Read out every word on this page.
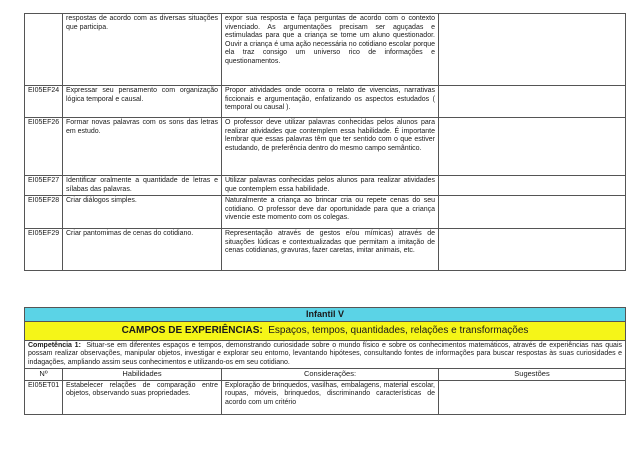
	respostas de acordo com as diversas situações que participa.	expor sua resposta e faça perguntas de acordo com o contexto vivenciado. As argumentações precisam ser aguçadas e estimuladas para que a criança se torne um aluno questionador. Ouvir a criança é uma ação necessária no cotidiano escolar porque ela traz consigo um universo rico de informações e questionamentos.	
EI05EF24	Expressar seu pensamento com organização lógica temporal e causal.	Propor atividades onde ocorra o relato de vivencias, narrativas ficcionais e argumentação, enfatizando os aspectos estudados ( temporal ou causal ).	
EI05EF26	Formar novas palavras com os sons das letras em estudo.	O professor deve utilizar palavras conhecidas pelos alunos para realizar atividades que contemplem essa habilidade. É importante lembrar que essas palavras têm que ter sentido com o que estiver estudando, de preferência dentro do mesmo campo semântico.	
EI05EF27	Identificar oralmente a quantidade de letras e sílabas das palavras.	Utilizar palavras conhecidas pelos alunos para realizar atividades que contemplem essa habilidade.	
EI05EF28	Criar diálogos simples.	Naturalmente a criança ao brincar cria ou repete cenas do seu cotidiano. O professor deve dar oportunidade para que a criança vivencie este momento com os colegas.	
EI05EF29	Criar pantomimas de cenas do cotidiano.	Representação através de gestos e/ou mímicas) através de situações lúdicas e contextualizadas que permitam a imitação de cenas cotidianas, gravuras, fazer caretas, imitar animais, etc.	
Infantil V			
CAMPOS DE EXPERIÊNCIAS: Espaços, tempos, quantidades, relações e transformações			
Competência 1: Situar-se em diferentes espaços e tempos, demonstrando curiosidade sobre o mundo físico e sobre os conhecimentos matemáticos, através de experiências nas quais possam realizar observações, manipular objetos, investigar e explorar seu entorno, levantando hipóteses, consultando fontes de informações para buscar respostas às suas curiosidades e indagações, ampliando assim seus conhecimentos e utilizando-os em seu cotidiano.			
Nº	Habilidades	Considerações:	Sugestões
EI05ET01	Estabelecer relações de comparação entre objetos, observando suas propriedades.	Exploração de brinquedos, vasilhas, embalagens, material escolar, roupas, móveis, brinquedos, discriminando características de acordo com um critério	
